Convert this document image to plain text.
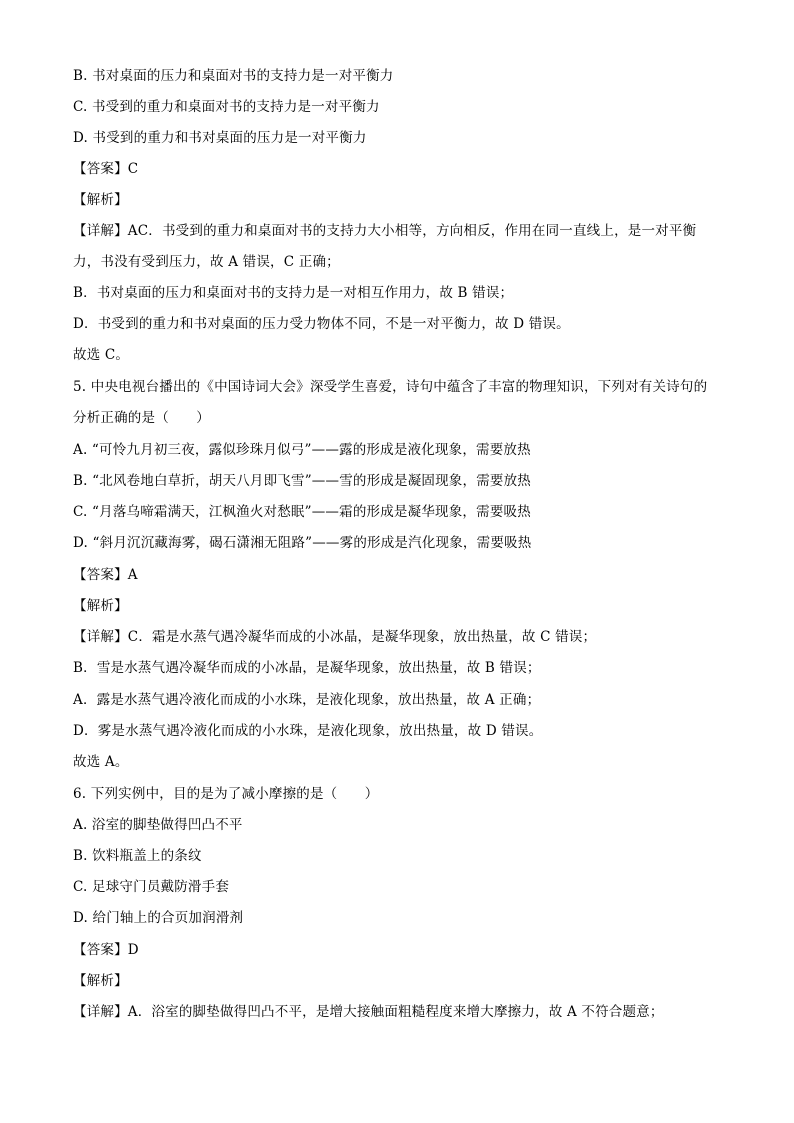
B. 书对桌面的压力和桌面对书的支持力是一对平衡力
C. 书受到的重力和桌面对书的支持力是一对平衡力
D. 书受到的重力和书对桌面的压力是一对平衡力
【答案】C
【解析】
【详解】AC．书受到的重力和桌面对书的支持力大小相等，方向相反，作用在同一直线上，是一对平衡
力，书没有受到压力，故 A 错误，C 正确；
B．书对桌面的压力和桌面对书的支持力是一对相互作用力，故 B 错误；
D．书受到的重力和书对桌面的压力受力物体不同，不是一对平衡力，故 D 错误。
故选 C。
5. 中央电视台播出的《中国诗词大会》深受学生喜爱，诗句中蕴含了丰富的物理知识，下列对有关诗句的
分析正确的是（　　）
A. “可怜九月初三夜，露似珍珠月似弓”——露的形成是液化现象，需要放热
B. “北风卷地白草折，胡天八月即飞雪”——雪的形成是凝固现象，需要放热
C. “月落乌啼霜满天，江枫渔火对愁眠”——霜的形成是凝华现象，需要吸热
D. “斜月沉沉藏海雾，碣石潇湘无阻路”——雾的形成是汽化现象，需要吸热
【答案】A
【解析】
【详解】C．霜是水蒸气遇冷凝华而成的小冰晶，是凝华现象，放出热量，故 C 错误；
B．雪是水蒸气遇冷凝华而成的小冰晶，是凝华现象，放出热量，故 B 错误；
A．露是水蒸气遇冷液化而成的小水珠，是液化现象，放出热量，故 A 正确；
D．雾是水蒸气遇冷液化而成的小水珠，是液化现象，放出热量，故 D 错误。
故选 A。
6. 下列实例中，目的是为了减小摩擦的是（　　）
A. 浴室的脚垫做得凹凸不平
B. 饮料瓶盖上的条纹
C. 足球守门员戴防滑手套
D. 给门轴上的合页加润滑剂
【答案】D
【解析】
【详解】A．浴室的脚垫做得凹凸不平，是增大接触面粗糙程度来增大摩擦力，故 A 不符合题意；
